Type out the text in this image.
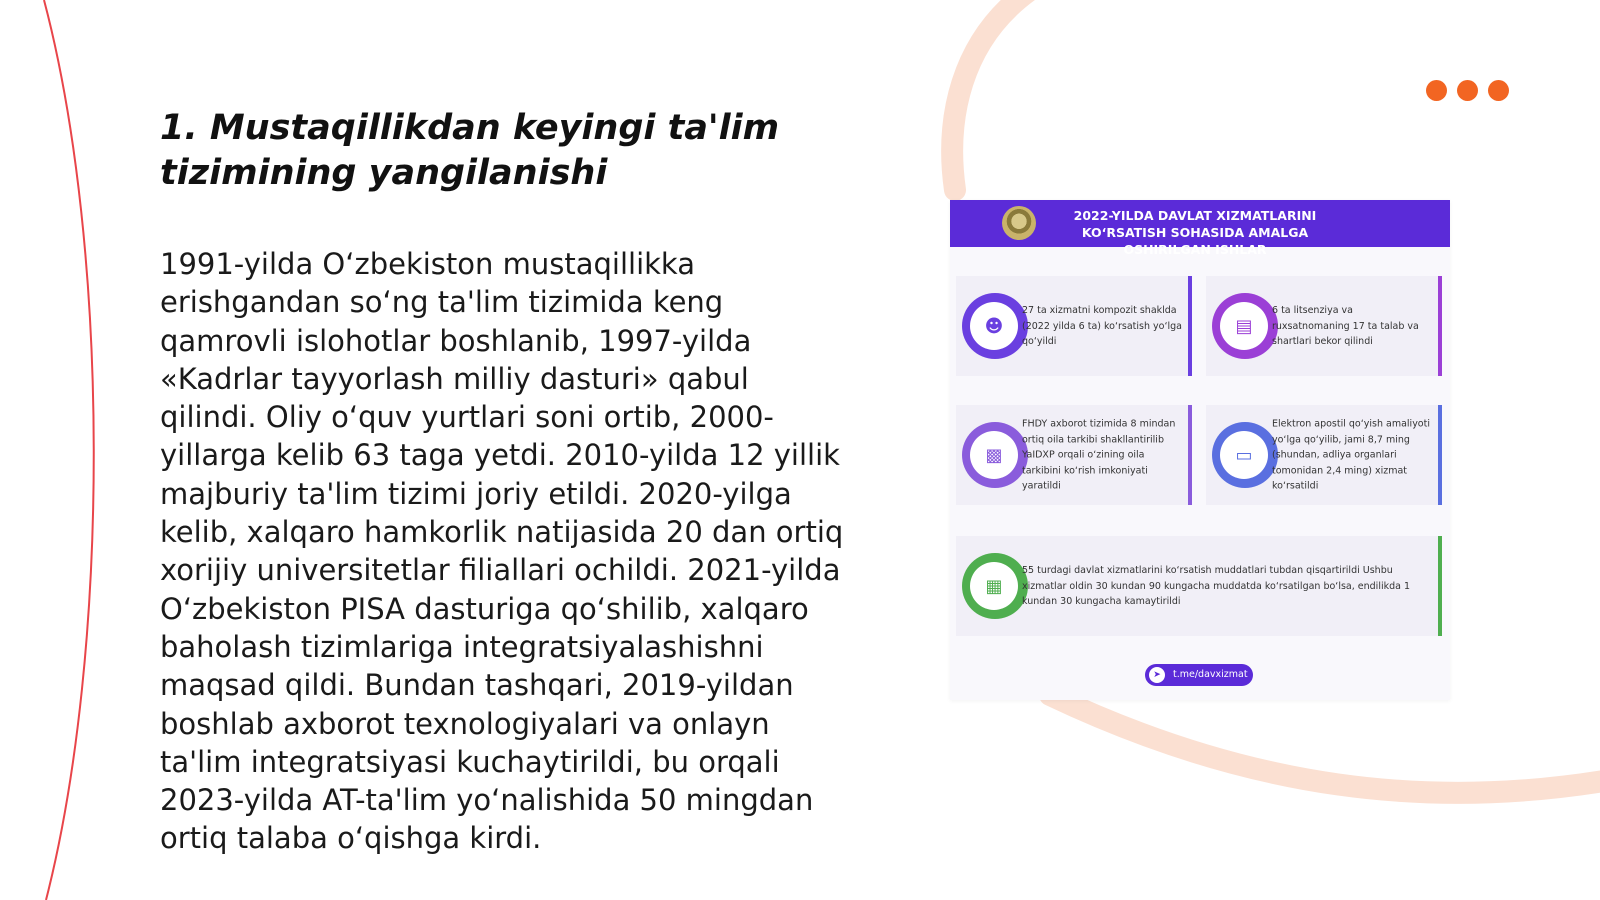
1. Mustaqillikdan keyingi ta'lim tizimining yangilanishi

1991-yilda O‘zbekiston mustaqillikka erishgandan so‘ng ta'lim tizimida keng qamrovli islohotlar boshlanib, 1997-yilda «Kadrlar tayyorlash milliy dasturi» qabul qilindi. Oliy o‘quv yurtlari soni ortib, 2000-yillarga kelib 63 taga yetdi. 2010-yilda 12 yillik majburiy ta'lim tizimi joriy etildi. 2020-yilga kelib, xalqaro hamkorlik natijasida 20 dan ortiq xorijiy universitetlar filiallari ochildi. 2021-yilda O‘zbekiston PISA dasturiga qo‘shilib, xalqaro baholash tizimlariga integratsiyalashishni maqsad qildi. Bundan tashqari, 2019-yildan boshlab axborot texnologiyalari va onlayn ta'lim integratsiyasi kuchaytirildi, bu orqali 2023-yilda AT-ta'lim yo‘nalishida 50 mingdan ortiq talaba o‘qishga kirdi.

2022-YILDA DAVLAT XIZMATLARINI KO‘RSATISH SOHASIDA AMALGA OSHIRILGAN ISHLAR
☻
27 ta xizmatni kompozit shaklda (2022 yilda 6 ta) ko‘rsatish yo‘lga qo‘yildi
▤
6 ta litsenziya va ruxsatnomaning 17 ta talab va shartlari bekor qilindi
▩
FHDY axborot tizimida 8 mindan ortiq oila tarkibi shakllantirilib YaIDXP orqali o‘zining oila tarkibini ko‘rish imkoniyati yaratildi
▭
Elektron apostil qo‘yish amaliyoti yo‘lga qo‘yilib, jami 8,7 ming (shundan, adliya organlari tomonidan 2,4 ming) xizmat ko‘rsatildi
▦
55 turdagi davlat xizmatlarini ko‘rsatish muddatlari tubdan qisqartirildi Ushbu xizmatlar oldin 30 kundan 90 kungacha muddatda ko‘rsatilgan bo‘lsa, endilikda 1 kundan 30 kungacha kamaytirildi
➤	t.me/davxizmat
